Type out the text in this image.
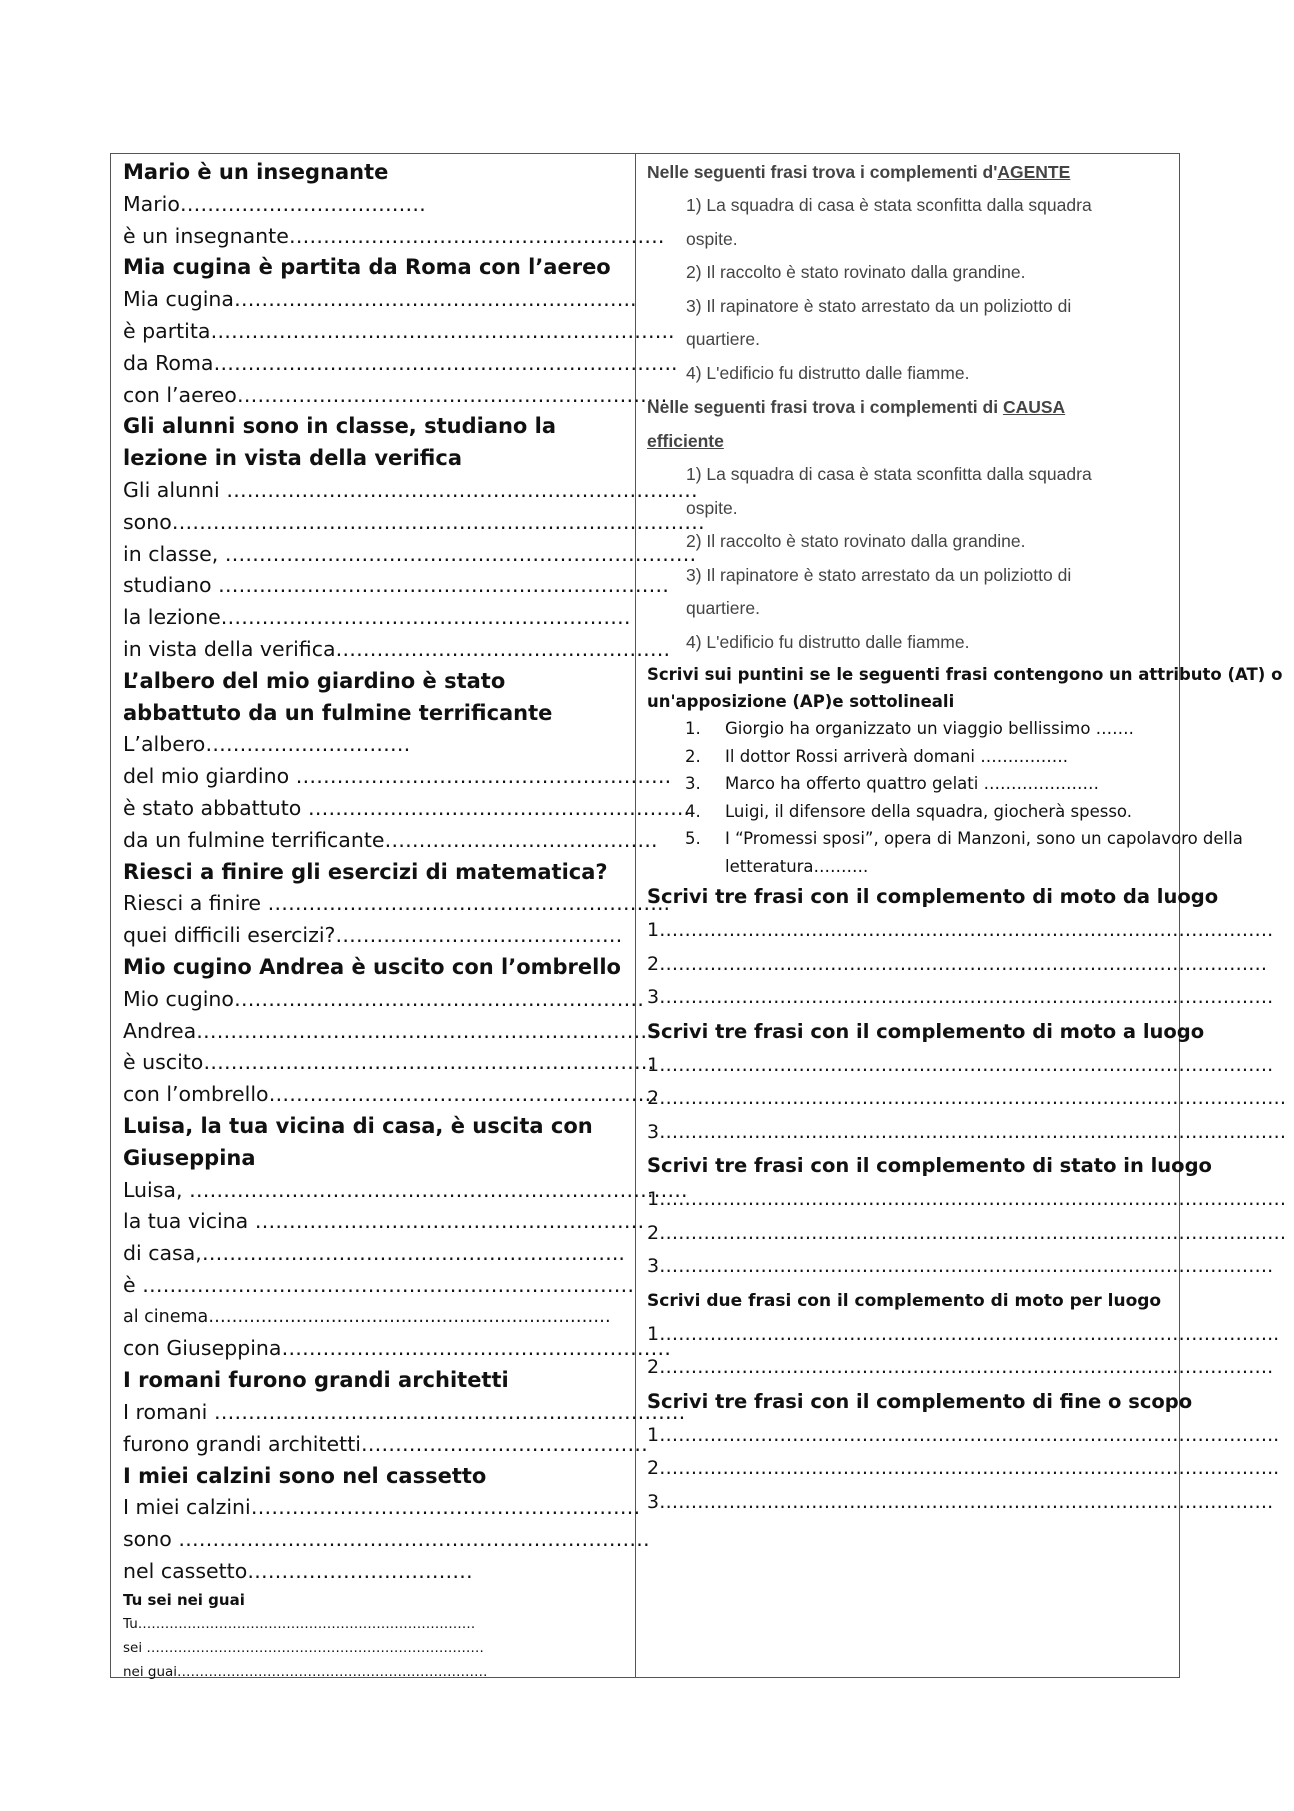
Mario è un insegnante
Mario………………………………
è un insegnante……………………………………………….
Mia cugina è partita da Roma con l’aereo
Mia cugina…………………………………………………..
è partita…………………………………………………………..
da Roma…………………………………………………………..
con l’aereo………………………………………………………
Gli alunni sono in classe, studiano la lezione in vista della verifica
Gli alunni ……………………………………………………………
sono……………………………………………………………………
in classe, ……………………………………………………………
studiano …………………………………………………………
la lezione……………………………………………………
in vista della verifica………………………………………….
L’albero del mio giardino è stato abbattuto da un fulmine terrificante
L’albero…………………………
del mio giardino ……………………………………………….
è stato abbattuto ………………………………………………..
da un fulmine terrificante………………………………….
Riesci a finire gli esercizi di matematica?
Riesci a finire …………………………………………………..
quei difficili esercizi?……………………………………
Mio cugino Andrea è uscito con l’ombrello
Mio cugino……………………………………………………
Andrea…………………………………………………………
è uscito…………………………………………………………
con l’ombrello…………………………………………………
Luisa, la tua vicina di casa, è uscita con Giuseppina
Luisa, ……………………………………………………………….
la tua vicina …………………………………………………
di casa,……………………………………………………..
è ………………………………………………………………
al cinema……………………………………………………………
con Giuseppina…………………………………………………
I romani furono grandi architetti
I romani ……………………………………………………………
furono grandi architetti……………………………………
I miei calzini sono nel cassetto
I miei calzini…………………………………………………
sono ……………………………………………………………
nel cassetto……………………………
Tu sei nei guai
Tu…………………………………………………………………
sei …………………………………………………………………
nei guai……………………………………………………………
Nelle seguenti frasi trova i complementi d'AGENTE
1) La squadra di casa è stata sconfitta dalla squadra
ospite.
2) Il raccolto è stato rovinato dalla grandine.
3) Il rapinatore è stato arrestato da un poliziotto di
quartiere.
4) L'edificio fu distrutto dalle fiamme.
Nelle seguenti frasi trova i complementi di CAUSA
efficiente
1) La squadra di casa è stata sconfitta dalla squadra
ospite.
2) Il raccolto è stato rovinato dalla grandine.
3) Il rapinatore è stato arrestato da un poliziotto di
quartiere.
4) L'edificio fu distrutto dalle fiamme.
Scrivi sui puntini se le seguenti frasi contengono un attributo (AT) o un'apposizione (AP)e sottolineali
1.	Giorgio ha organizzato un viaggio bellissimo …….
2.	Il dottor Rossi arriverà domani …………….
3.	Marco ha offerto quattro gelati …………………
4.	Luigi, il difensore della squadra, giocherà spesso.
5.	I “Promessi sposi”, opera di Manzoni, sono un capolavoro della letteratura……….
Scrivi tre frasi con il complemento di moto da luogo
1…………………………………………………………………………………….
2……………………………………………………………………………………
3…………………………………………………………………………………….
Scrivi tre frasi con il complemento di moto a luogo
1…………………………………………………………………………………….
2………………………………………………………………………………………
3………………………………………………………………………………………
Scrivi tre frasi con il complemento di stato in luogo
1………………………………………………………………………………………
2………………………………………………………………………………………
3…………………………………………………………………………………….
Scrivi due frasi con il complemento di moto per luogo
1……………………………………………………………………………………..
2…………………………………………………………………………………….
Scrivi tre frasi con il complemento di fine o scopo
1……………………………………………………………………………………..
2……………………………………………………………………………………..
3…………………………………………………………………………………….
